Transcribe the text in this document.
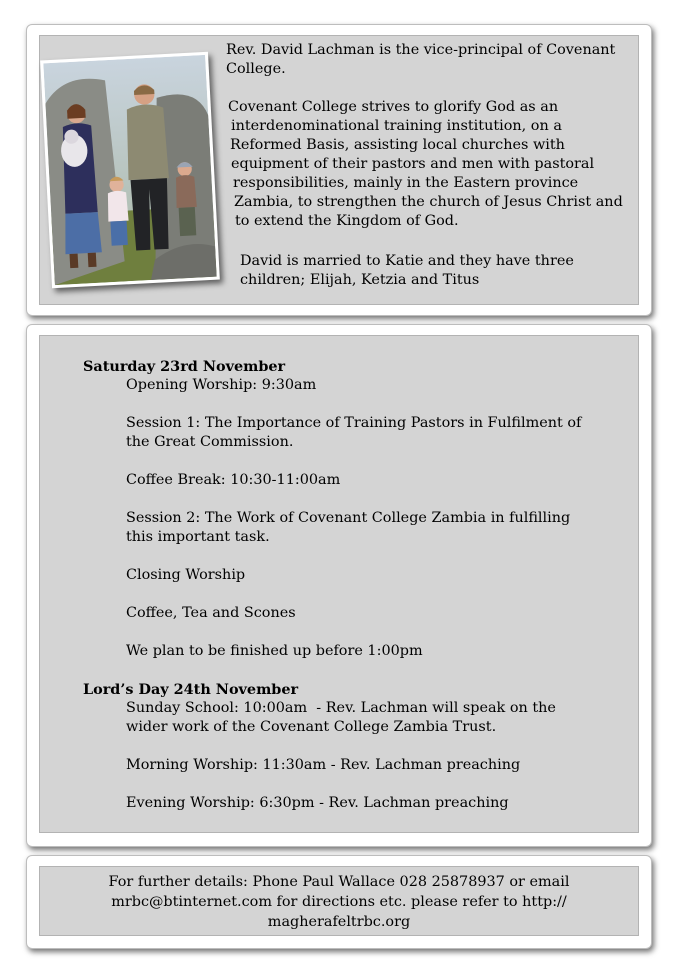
Rev. David Lachman is the vice-principal of Covenant
College.
Covenant College strives to glorify God as an
interdenominational training institution, on a
Reformed Basis, assisting local churches with
equipment of their pastors and men with pastoral
responsibilities, mainly in the Eastern province
Zambia, to strengthen the church of Jesus Christ and
to extend the Kingdom of God.
David is married to Katie and they have three
children; Elijah, Ketzia and Titus
Saturday 23rd November
Opening Worship: 9:30am
Session 1: The Importance of Training Pastors in Fulfilment of
the Great Commission.
Coffee Break: 10:30-11:00am
Session 2: The Work of Covenant College Zambia in fulfilling
this important task.
Closing Worship
Coffee, Tea and Scones
We plan to be finished up before 1:00pm
Lord’s Day 24th November
Sunday School: 10:00am  - Rev. Lachman will speak on the
wider work of the Covenant College Zambia Trust.
Morning Worship: 11:30am - Rev. Lachman preaching
Evening Worship: 6:30pm - Rev. Lachman preaching
For further details: Phone Paul Wallace 028 25878937 or email
mrbc@btinternet.com for directions etc. please refer to http://
magherafeltrbc.org
